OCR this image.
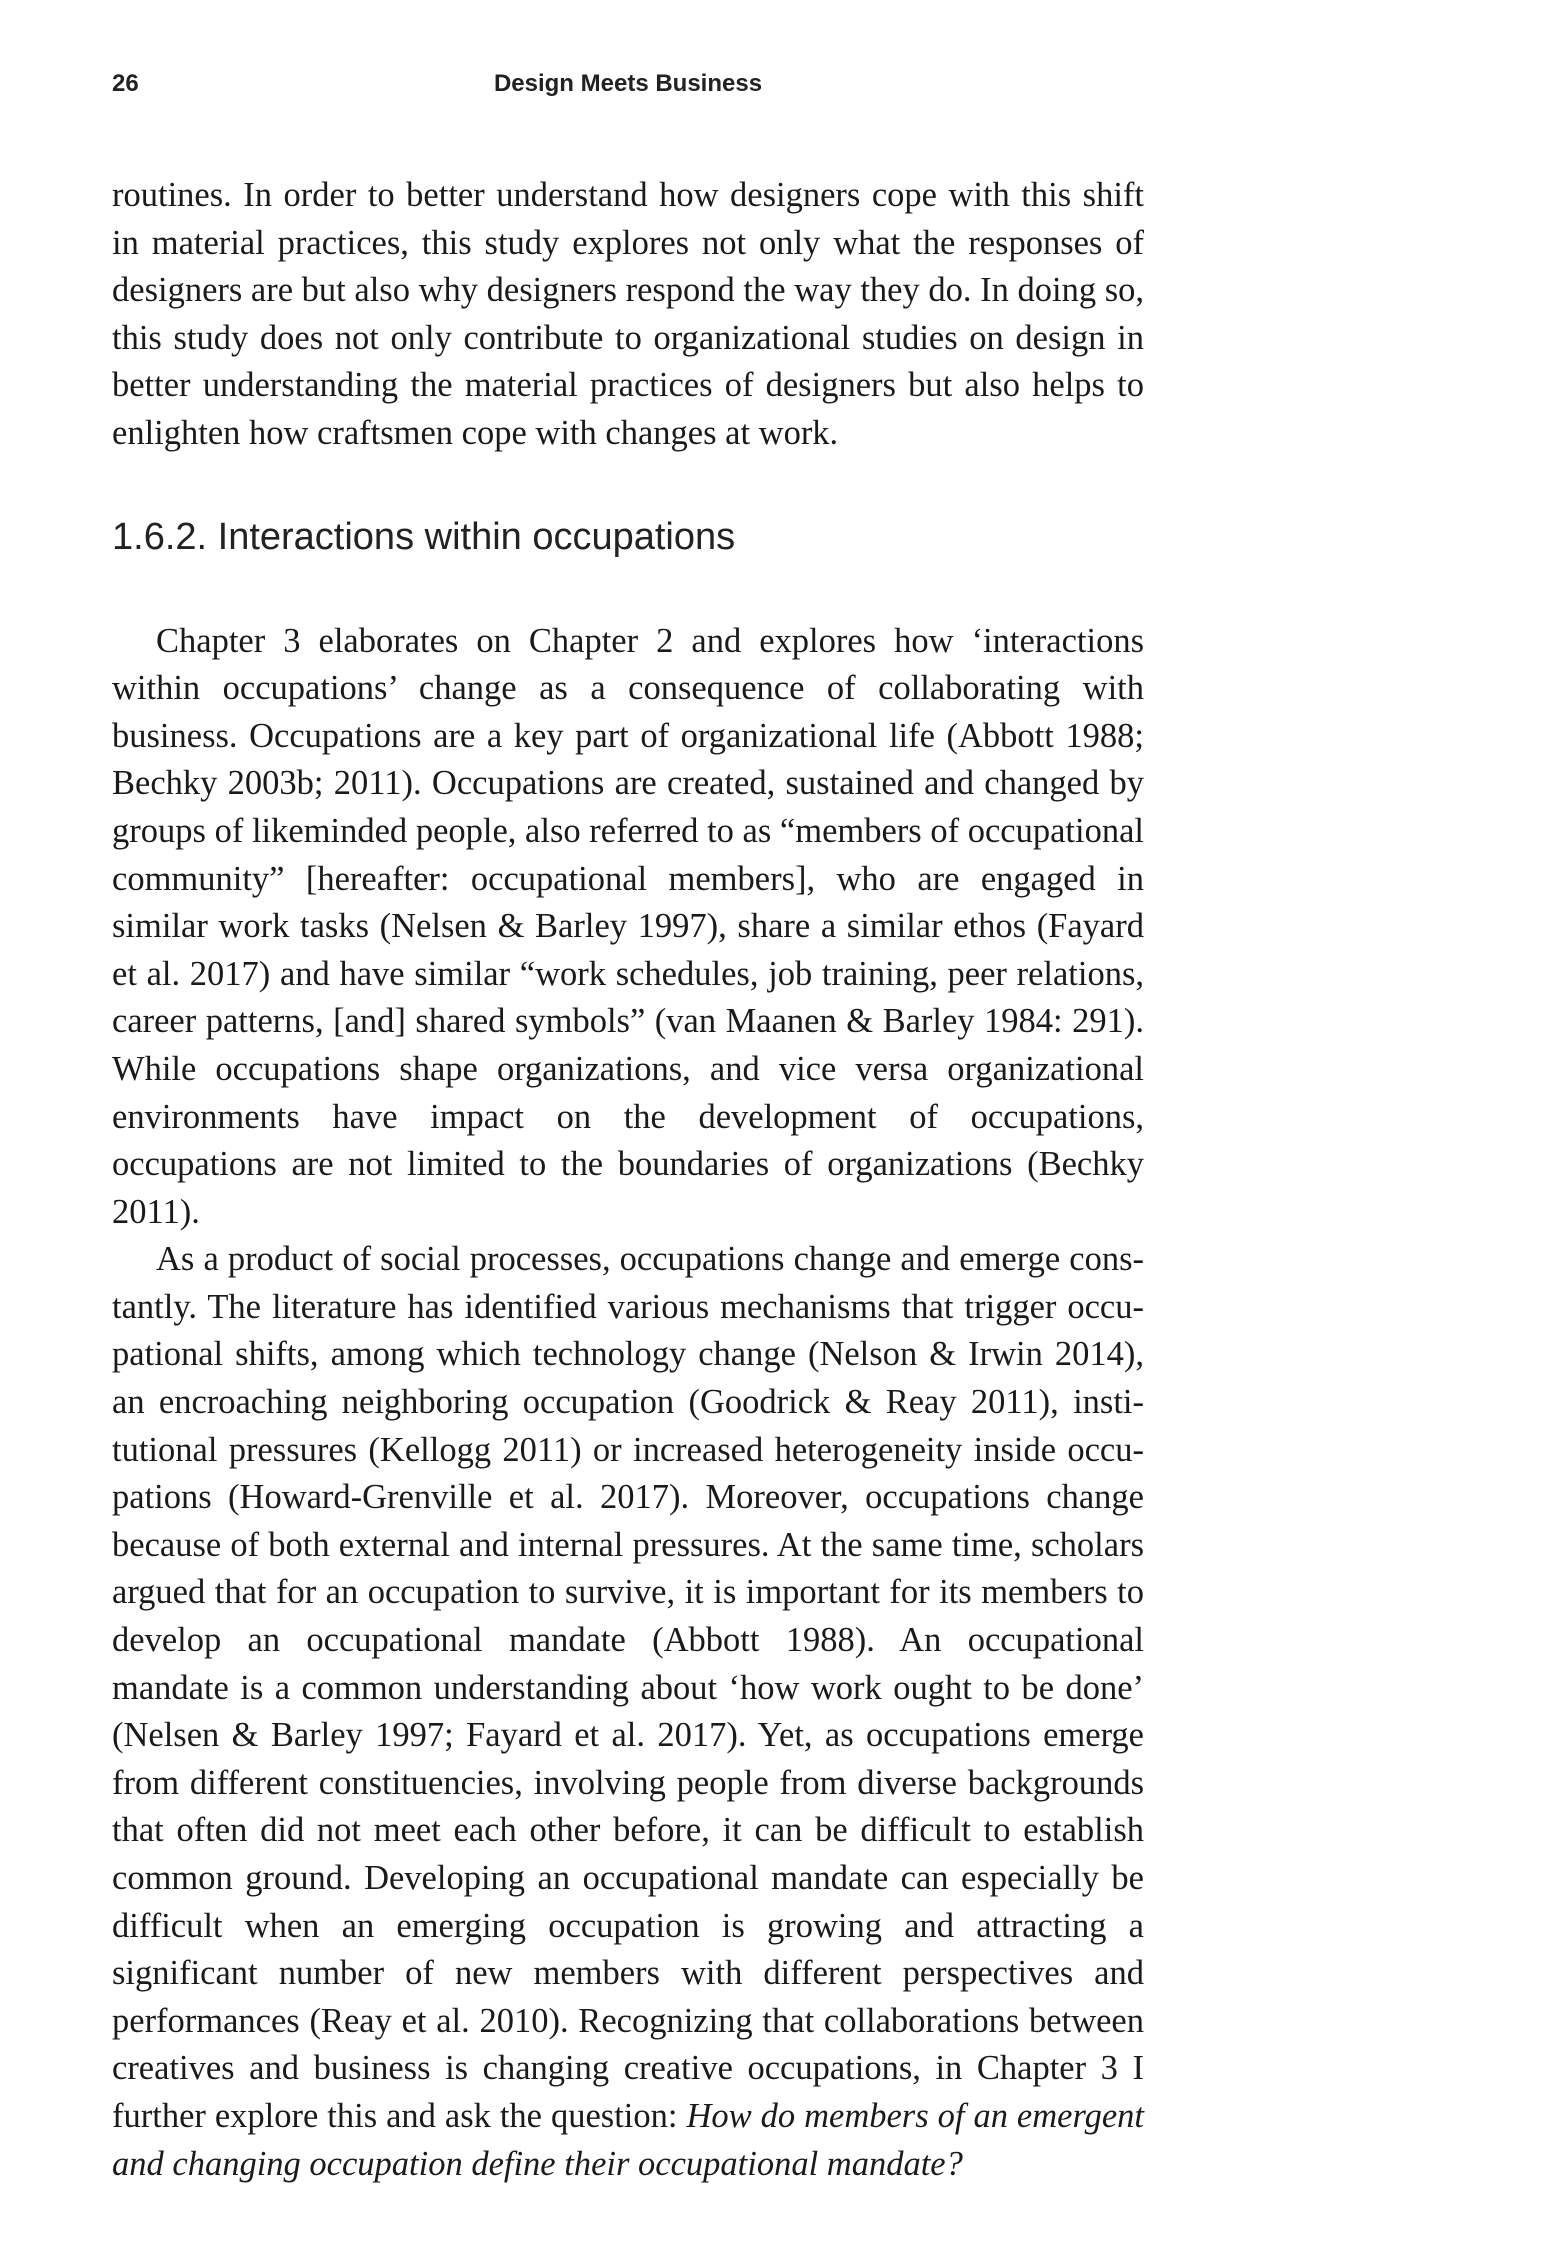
26	Design Meets Business

routines. In order to better understand how designers cope with this shift in material practices, this study explores not only what the responses of designers are but also why designers respond the way they do. In doing so, this study does not only contribute to organizational studies on design in better understanding the material practices of designers but also helps to enlighten how craftsmen cope with changes at work.

1.6.2. Interactions within occupations

Chapter 3 elaborates on Chapter 2 and explores how ‘interactions within occupations’ change as a consequence of collaborating with business. Occupations are a key part of organizational life (Abbott 1988; Bechky 2003b; 2011). Occupations are created, sustained and changed by groups of likeminded people, also referred to as “members of occupational community” [hereafter: occupational members], who are engaged in similar work tasks (Nelsen & Barley 1997), share a similar ethos (Fayard et al. 2017) and have similar “work schedules, job training, peer relations, career patterns, [and] shared symbols” (van Maanen & Barley 1984: 291). While occupations shape organizations, and vice versa organizational environments have impact on the development of occupations, occupations are not limited to the boundaries of organizations (Bechky 2011).

As a product of social processes, occupations change and emerge constantly. The literature has identified various mechanisms that trigger occupational shifts, among which technology change (Nelson & Irwin 2014), an encroaching neighboring occupation (Goodrick & Reay 2011), institutional pressures (Kellogg 2011) or increased heterogeneity inside occupations (Howard-Grenville et al. 2017). Moreover, occupations change because of both external and internal pressures. At the same time, scholars argued that for an occupation to survive, it is important for its members to develop an occupational mandate (Abbott 1988). An occupational mandate is a common understanding about ‘how work ought to be done’ (Nelsen & Barley 1997; Fayard et al. 2017). Yet, as occupations emerge from different constituencies, involving people from diverse backgrounds that often did not meet each other before, it can be difficult to establish common ground. Developing an occupational mandate can especially be difficult when an emerging occupation is growing and attracting a significant number of new members with different perspectives and performances (Reay et al. 2010). Recognizing that collaborations between creatives and business is changing creative occupations, in Chapter 3 I further explore this and ask the question: How do members of an emergent and changing occupation define their occupational mandate?
